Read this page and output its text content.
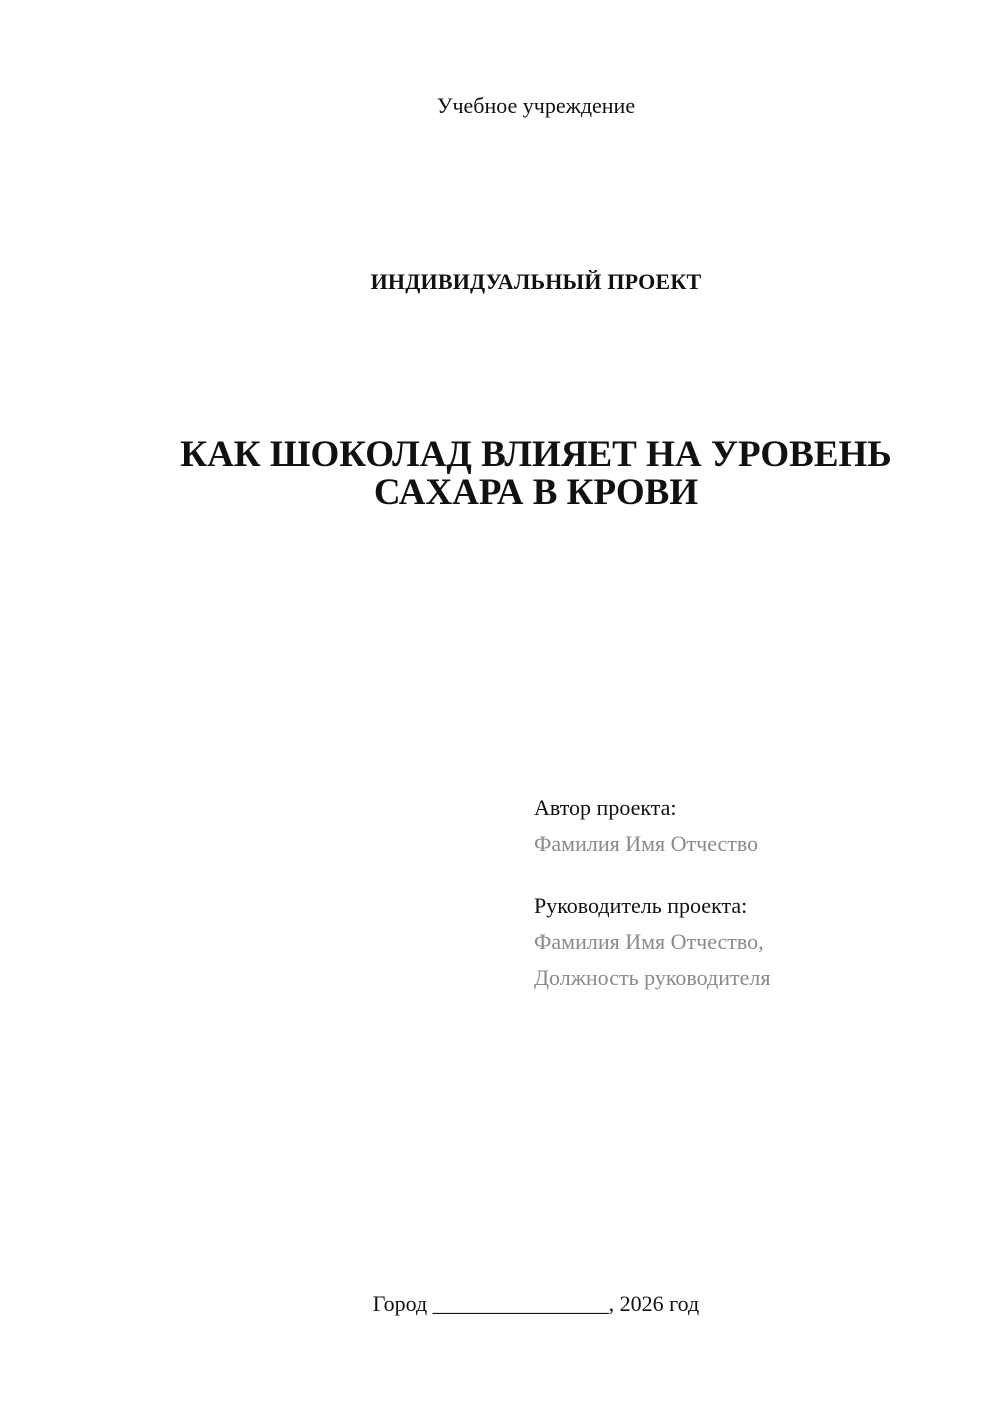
Учебное учреждение
ИНДИВИДУАЛЬНЫЙ ПРОЕКТ
КАК ШОКОЛАД ВЛИЯЕТ НА УРОВЕНЬ
САХАРА В КРОВИ
Автор проекта:
Фамилия Имя Отчество
Руководитель проекта:
Фамилия Имя Отчество,
Должность руководителя
Город ________________, 2026 год
